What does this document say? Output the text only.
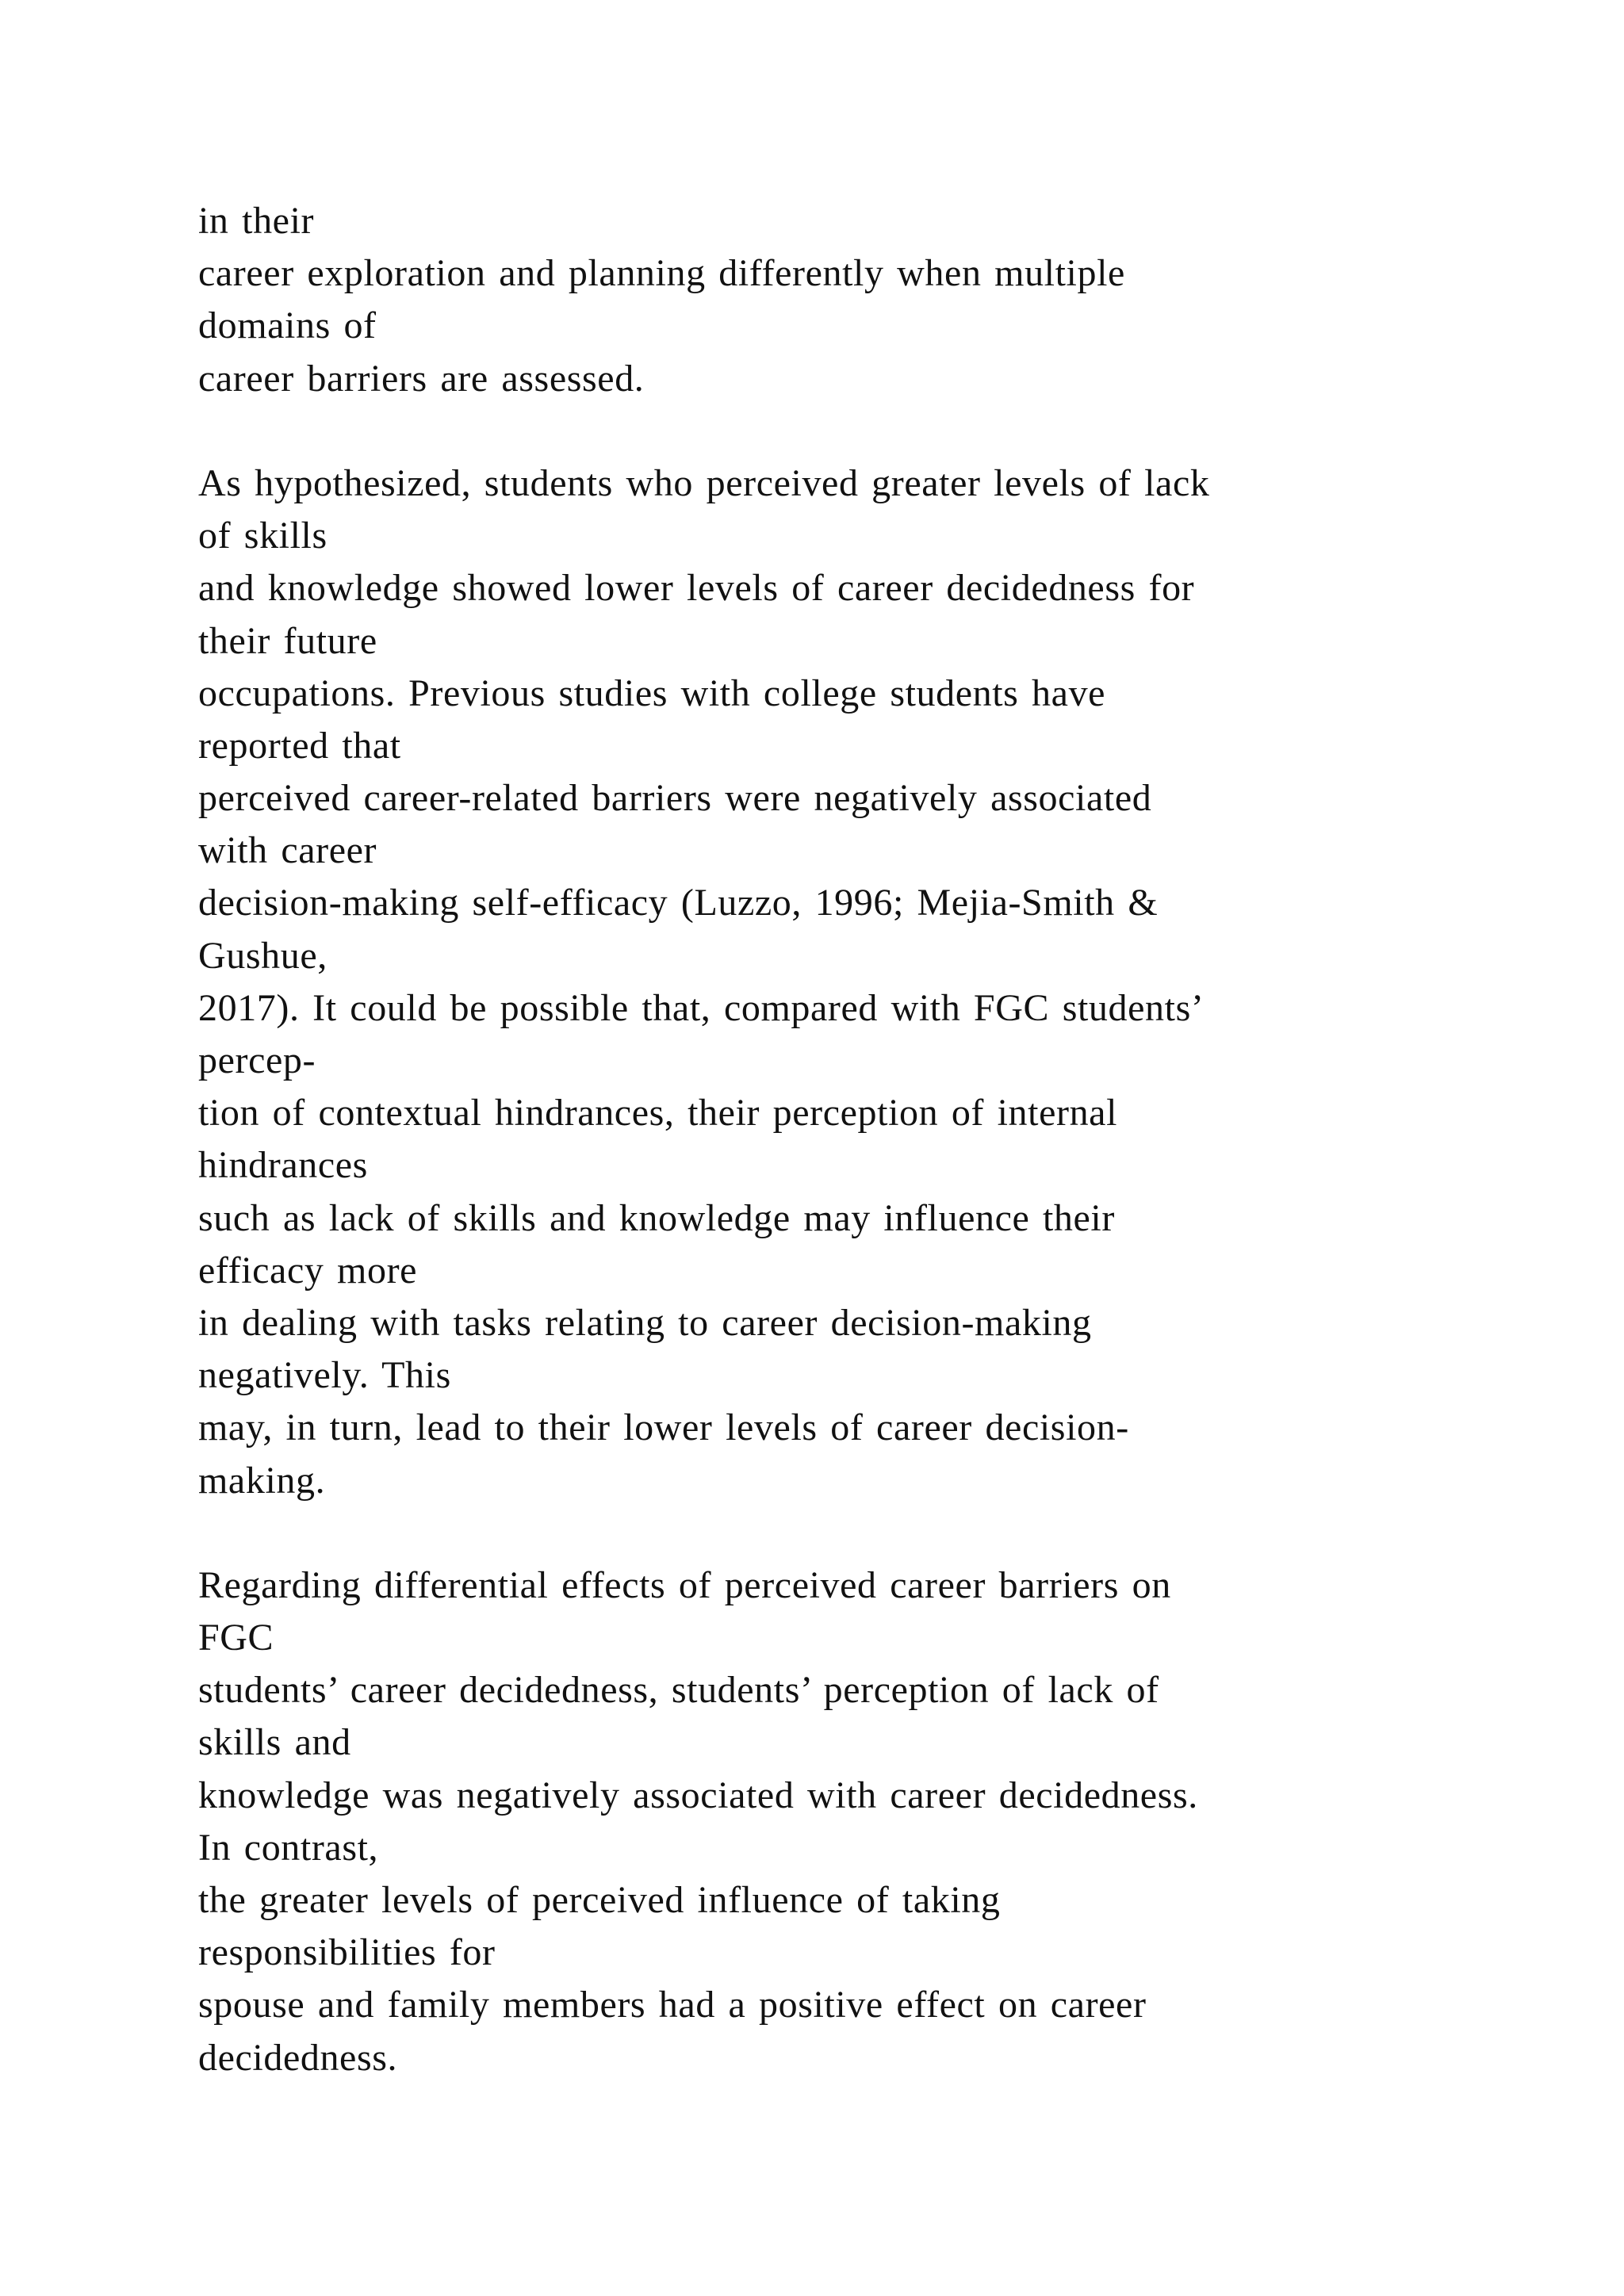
in their
career exploration and planning differently when multiple
domains of
career barriers are assessed.
As hypothesized, students who perceived greater levels of lack
of skills
and knowledge showed lower levels of career decidedness for
their future
occupations. Previous studies with college students have
reported that
perceived career-related barriers were negatively associated
with career
decision-making self-efficacy (Luzzo, 1996; Mejia-Smith &
Gushue,
2017). It could be possible that, compared with FGC students’
percep-
tion of contextual hindrances, their perception of internal
hindrances
such as lack of skills and knowledge may influence their
efficacy more
in dealing with tasks relating to career decision-making
negatively. This
may, in turn, lead to their lower levels of career decision-
making.
Regarding differential effects of perceived career barriers on
FGC
students’ career decidedness, students’ perception of lack of
skills and
knowledge was negatively associated with career decidedness.
In contrast,
the greater levels of perceived influence of taking
responsibilities for
spouse and family members had a positive effect on career
decidedness.
